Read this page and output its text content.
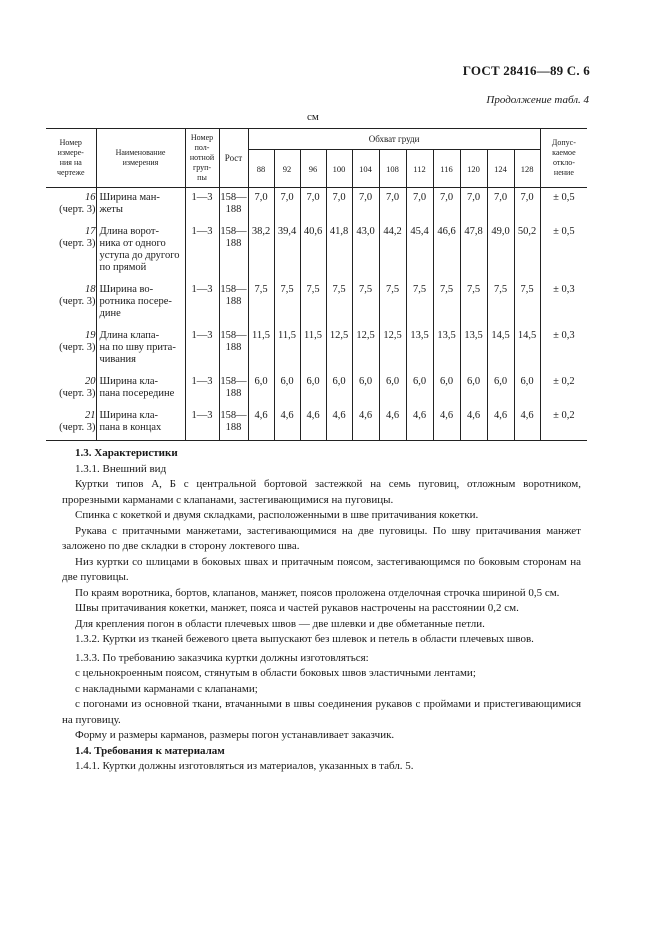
ГОСТ 28416—89 С. 6
Продолжение табл. 4
см
Номер
измере-
ния на
чертеже	Наименование
измерения	Номер
пол-
нотной
груп-
пы	Рост	Обхват груди											Допус-
каемое
откло-
нение
				88	92	96	100	104	108	112	116	120	124	128	
16
(черт. 3)	Ширина ман-
жеты	1—3	158—
188	7,0	7,0	7,0	7,0	7,0	7,0	7,0	7,0	7,0	7,0	7,0	± 0,5
17
(черт. 3)	Длина ворот-
ника от одного
уступа до другого
по прямой	1—3	158—
188	38,2	39,4	40,6	41,8	43,0	44,2	45,4	46,6	47,8	49,0	50,2	± 0,5
18
(черт. 3)	Ширина во-
ротника посере-
дине	1—3	158—
188	7,5	7,5	7,5	7,5	7,5	7,5	7,5	7,5	7,5	7,5	7,5	± 0,3
19
(черт. 3)	Длина клапа-
на по шву прита-
чивания	1—3	158—
188	11,5	11,5	11,5	12,5	12,5	12,5	13,5	13,5	13,5	14,5	14,5	± 0,3
20
(черт. 3)	Ширина кла-
пана посередине	1—3	158—
188	6,0	6,0	6,0	6,0	6,0	6,0	6,0	6,0	6,0	6,0	6,0	± 0,2
21
(черт. 3)	Ширина кла-
пана в концах	1—3	158—
188	4,6	4,6	4,6	4,6	4,6	4,6	4,6	4,6	4,6	4,6	4,6	± 0,2

1.3. Характеристики

1.3.1. Внешний вид

Куртки типов А, Б с центральной бортовой застежкой на семь пуговиц, отложным воротником, прорезными карманами с клапанами, застегивающимися на пуговицы.

Спинка с кокеткой и двумя складками, расположенными в шве притачивания кокетки.

Рукава с притачными манжетами, застегивающимися на две пуговицы. По шву притачивания манжет заложено по две складки в сторону локтевого шва.

Низ куртки со шлицами в боковых швах и притачным поясом, застегивающимся по боковым сторонам на две пуговицы.

По краям воротника, бортов, клапанов, манжет, поясов проложена отделочная строчка шириной 0,5 см.

Швы притачивания кокетки, манжет, пояса и частей рукавов настрочены на расстоянии 0,2 см.

Для крепления погон в области плечевых швов — две шлевки и две обметанные петли.

1.3.2. Куртки из тканей бежевого цвета выпускают без шлевок и петель в области плечевых швов.

1.3.3. По требованию заказчика куртки должны изготовляться:

с цельнокроенным поясом, стянутым в области боковых швов эластичными лентами;

с накладными карманами с клапанами;

с погонами из основной ткани, втачанными в швы соединения рукавов с проймами и пристегивающимися на пуговицу.

Форму и размеры карманов, размеры погон устанавливает заказчик.

1.4. Требования к материалам

1.4.1. Куртки должны изготовляться из материалов, указанных в табл. 5.
